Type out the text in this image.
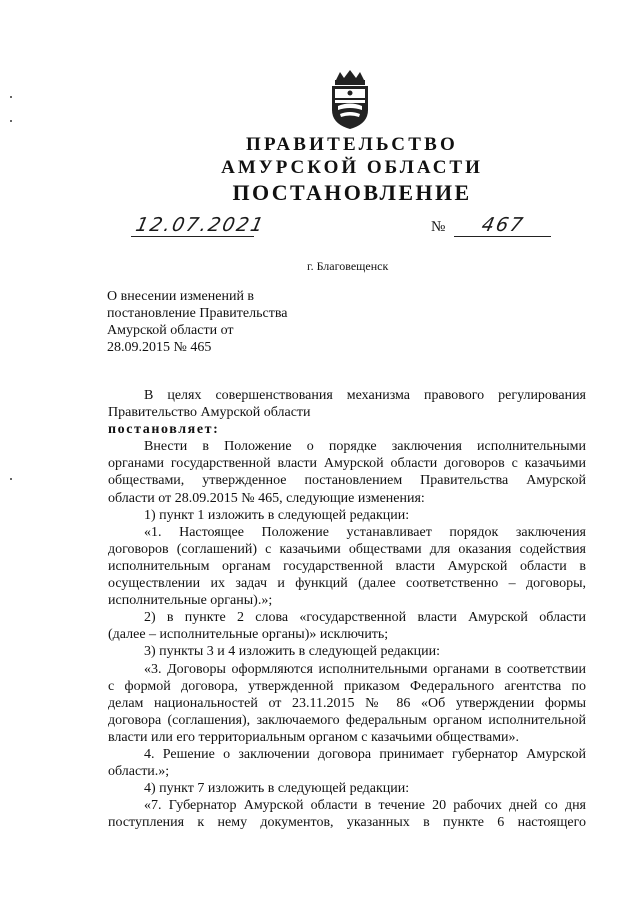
ПРАВИТЕЛЬСТВО
АМУРСКОЙ ОБЛАСТИ
ПОСТАНОВЛЕНИЕ
12.07.2021	№ 467
г. Благовещенск
О внесении изменений в
постановление Правительства
Амурской области от
28.09.2015 № 465
В целях совершенствования механизма правового регулирования
Правительство Амурской области
постановляет:
Внести в Положение о порядке заключения исполнительными
органами государственной власти Амурской области договоров с казачьими
обществами, утвержденное постановлением Правительства Амурской
области от 28.09.2015 № 465, следующие изменения:
1) пункт 1 изложить в следующей редакции:
«1. Настоящее Положение устанавливает порядок заключения
договоров (соглашений) с казачьими обществами для оказания содействия
исполнительным органам государственной власти Амурской области в
осуществлении их задач и функций (далее соответственно – договоры,
исполнительные органы).»;
2) в пункте 2 слова «государственной власти Амурской области
(далее – исполнительные органы)» исключить;
3) пункты 3 и 4 изложить в следующей редакции:
«3. Договоры оформляются исполнительными органами в соответствии
с формой договора, утвержденной приказом Федерального агентства по
делам национальностей от 23.11.2015 № 86 «Об утверждении формы
договора (соглашения), заключаемого федеральным органом исполнительной
власти или его территориальным органом с казачьими обществами».
4. Решение о заключении договора принимает губернатор Амурской
области.»;
4) пункт 7 изложить в следующей редакции:
«7. Губернатор Амурской области в течение 20 рабочих дней со дня
поступления к нему документов, указанных в пункте 6 настоящего
